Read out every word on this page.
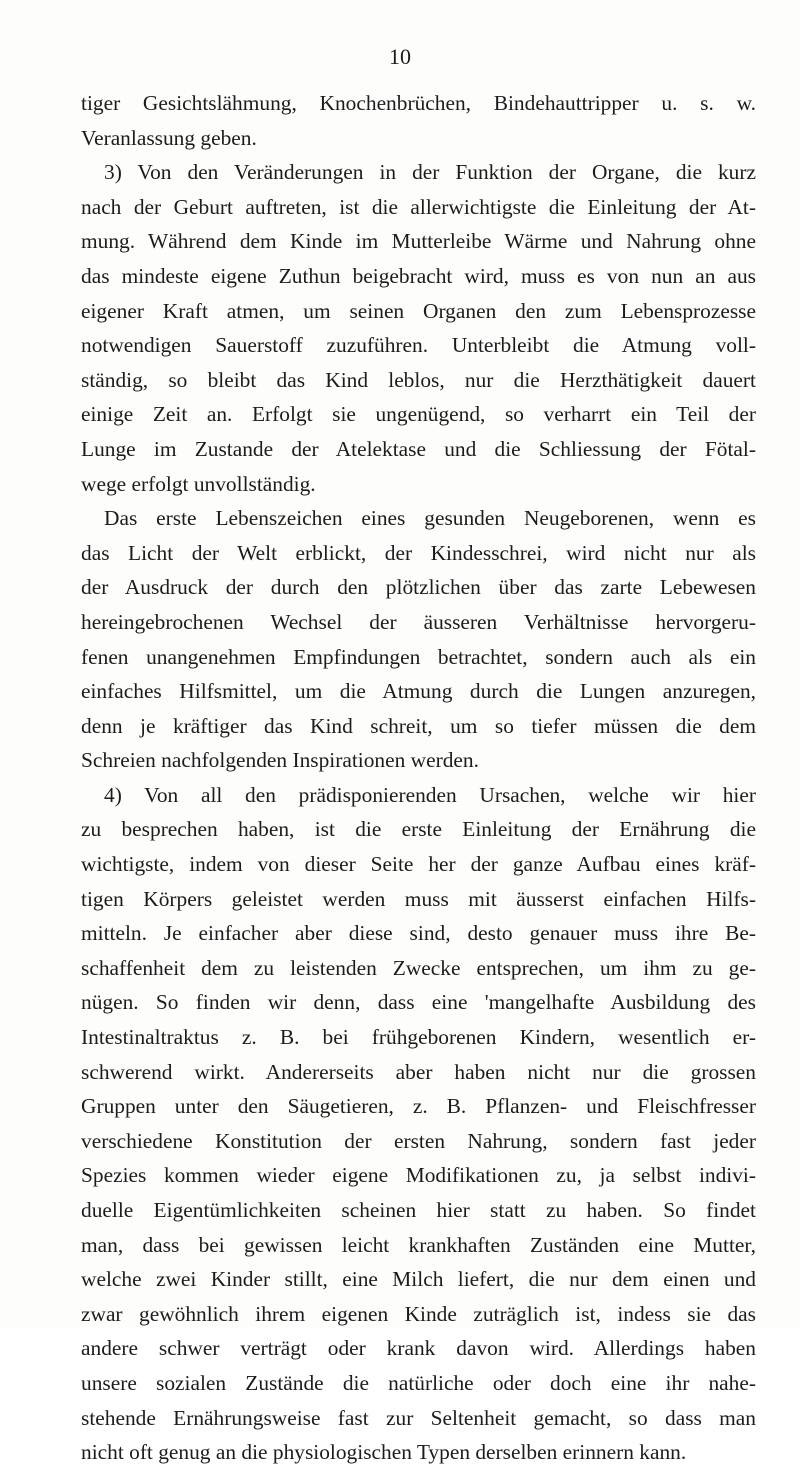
10
tiger Gesichtslähmung, Knochenbrüchen, Bindehauttripper u. s. w.
Veranlassung geben.
3) Von den Veränderungen in der Funktion der Organe, die kurz
nach der Geburt auftreten, ist die allerwichtigste die Einleitung der At-
mung. Während dem Kinde im Mutterleibe Wärme und Nahrung ohne
das mindeste eigene Zuthun beigebracht wird, muss es von nun an aus
eigener Kraft atmen, um seinen Organen den zum Lebensprozesse
notwendigen Sauerstoff zuzuführen. Unterbleibt die Atmung voll-
ständig, so bleibt das Kind leblos, nur die Herzthätigkeit dauert
einige Zeit an. Erfolgt sie ungenügend, so verharrt ein Teil der
Lunge im Zustande der Atelektase und die Schliessung der Fötal-
wege erfolgt unvollständig.
Das erste Lebenszeichen eines gesunden Neugeborenen, wenn es
das Licht der Welt erblickt, der Kindesschrei, wird nicht nur als
der Ausdruck der durch den plötzlichen über das zarte Lebewesen
hereingebrochenen Wechsel der äusseren Verhältnisse hervorgeru-
fenen unangenehmen Empfindungen betrachtet, sondern auch als ein
einfaches Hilfsmittel, um die Atmung durch die Lungen anzuregen,
denn je kräftiger das Kind schreit, um so tiefer müssen die dem
Schreien nachfolgenden Inspirationen werden.
4) Von all den prädisponierenden Ursachen, welche wir hier
zu besprechen haben, ist die erste Einleitung der Ernährung die
wichtigste, indem von dieser Seite her der ganze Aufbau eines kräf-
tigen Körpers geleistet werden muss mit äusserst einfachen Hilfs-
mitteln. Je einfacher aber diese sind, desto genauer muss ihre Be-
schaffenheit dem zu leistenden Zwecke entsprechen, um ihm zu ge-
nügen. So finden wir denn, dass eine 'mangelhafte Ausbildung des
Intestinaltraktus z. B. bei frühgeborenen Kindern, wesentlich er-
schwerend wirkt. Andererseits aber haben nicht nur die grossen
Gruppen unter den Säugetieren, z. B. Pflanzen- und Fleischfresser
verschiedene Konstitution der ersten Nahrung, sondern fast jeder
Spezies kommen wieder eigene Modifikationen zu, ja selbst indivi-
duelle Eigentümlichkeiten scheinen hier statt zu haben. So findet
man, dass bei gewissen leicht krankhaften Zuständen eine Mutter,
welche zwei Kinder stillt, eine Milch liefert, die nur dem einen und
zwar gewöhnlich ihrem eigenen Kinde zuträglich ist, indess sie das
andere schwer verträgt oder krank davon wird. Allerdings haben
unsere sozialen Zustände die natürliche oder doch eine ihr nahe-
stehende Ernährungsweise fast zur Seltenheit gemacht, so dass man
nicht oft genug an die physiologischen Typen derselben erinnern kann.
